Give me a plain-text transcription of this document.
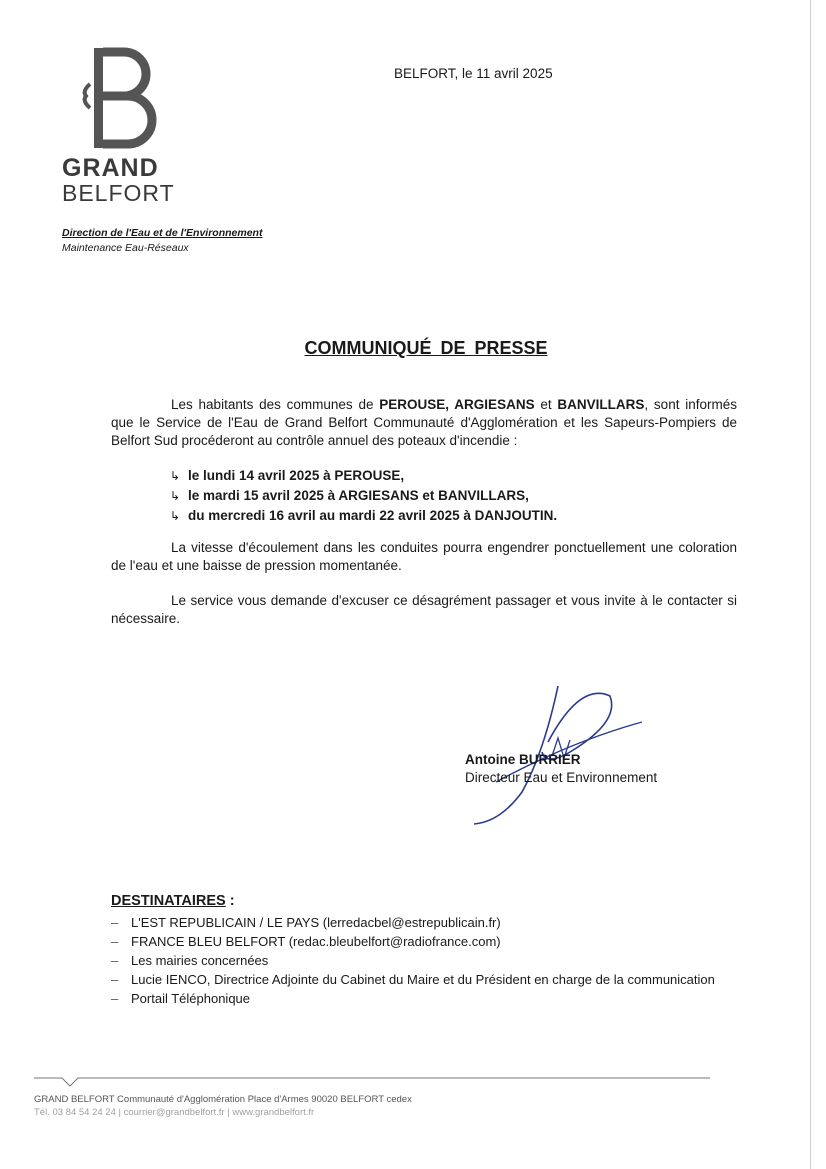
GRAND
BELFORT
BELFORT, le 11 avril 2025
Direction de l'Eau et de l'Environnement
Maintenance Eau-Réseaux
COMMUNIQUÉ DE PRESSE
Les habitants des communes de PEROUSE, ARGIESANS et BANVILLARS, sont informés que le Service de l'Eau de Grand Belfort Communauté d'Agglomération et les Sapeurs-Pompiers de Belfort Sud procéderont au contrôle annuel des poteaux d'incendie :
↳ le lundi 14 avril 2025 à PEROUSE,
↳ le mardi 15 avril 2025 à ARGIESANS et BANVILLARS,
↳ du mercredi 16 avril au mardi 22 avril 2025 à DANJOUTIN.
La vitesse d'écoulement dans les conduites pourra engendrer ponctuellement une coloration de l'eau et une baisse de pression momentanée.
Le service vous demande d'excuser ce désagrément passager et vous invite à le contacter si nécessaire.
Antoine BURRIER
Directeur Eau et Environnement
DESTINATAIRES :
– L'EST REPUBLICAIN / LE PAYS (lerredacbel@estrepublicain.fr)
– FRANCE BLEU BELFORT (redac.bleubelfort@radiofrance.com)
– Les mairies concernées
– Lucie IENCO, Directrice Adjointe du Cabinet du Maire et du Président en charge de la communication
– Portail Téléphonique
GRAND BELFORT Communauté d'Agglomération Place d'Armes 90020 BELFORT cedex
Tél. 03 84 54 24 24 | courrier@grandbelfort.fr | www.grandbelfort.fr
